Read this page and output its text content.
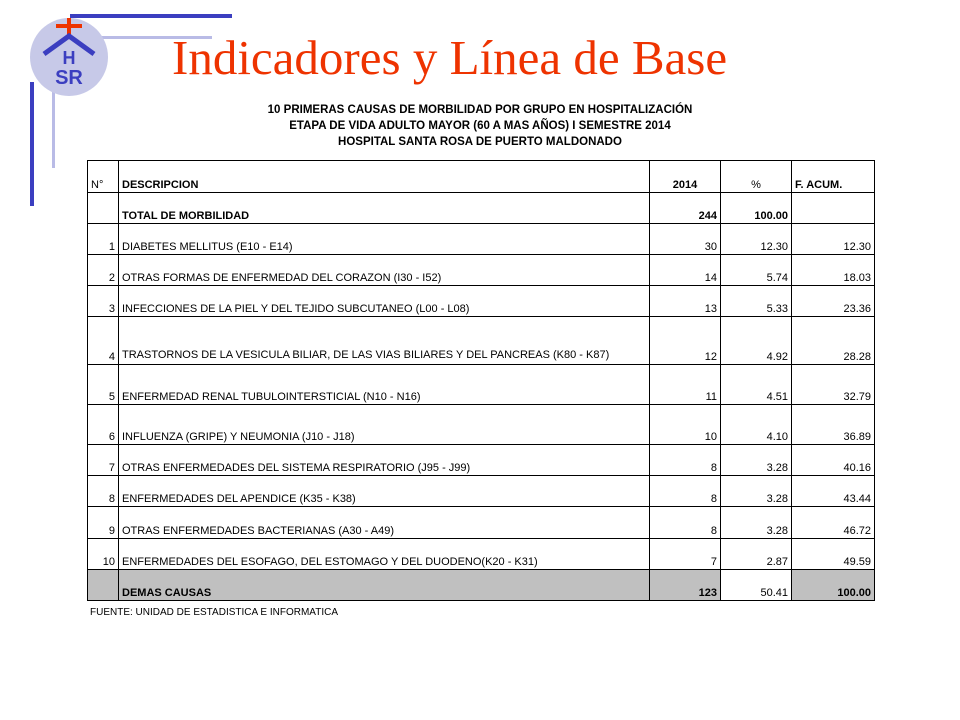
H
SR Indicadores y Línea de Base
10 PRIMERAS CAUSAS DE MORBILIDAD POR GRUPO EN HOSPITALIZACIÓN
ETAPA DE VIDA ADULTO MAYOR (60 A MAS AÑOS) I SEMESTRE 2014
HOSPITAL SANTA ROSA DE PUERTO MALDONADO
N°	DESCRIPCION	2014	%	F. ACUM.
	TOTAL DE MORBILIDAD	244	100.00	
1	DIABETES MELLITUS (E10 - E14)	30	12.30	12.30
2	OTRAS FORMAS DE ENFERMEDAD DEL CORAZON (I30 - I52)	14	5.74	18.03
3	INFECCIONES DE LA PIEL Y DEL TEJIDO SUBCUTANEO (L00 - L08)	13	5.33	23.36
4	TRASTORNOS DE LA VESICULA BILIAR, DE LAS VIAS BILIARES Y DEL PANCREAS (K80 - K87)	12	4.92	28.28
5	ENFERMEDAD RENAL TUBULOINTERSTICIAL (N10 - N16)	11	4.51	32.79
6	INFLUENZA (GRIPE) Y NEUMONIA (J10 - J18)	10	4.10	36.89
7	OTRAS ENFERMEDADES DEL SISTEMA RESPIRATORIO (J95 - J99)	8	3.28	40.16
8	ENFERMEDADES DEL APENDICE (K35 - K38)	8	3.28	43.44
9	OTRAS ENFERMEDADES BACTERIANAS (A30 - A49)	8	3.28	46.72
10	ENFERMEDADES DEL ESOFAGO, DEL ESTOMAGO Y DEL DUODENO(K20 - K31)	7	2.87	49.59
	DEMAS CAUSAS	123	50.41	100.00
FUENTE: UNIDAD DE ESTADISTICA E INFORMATICA
